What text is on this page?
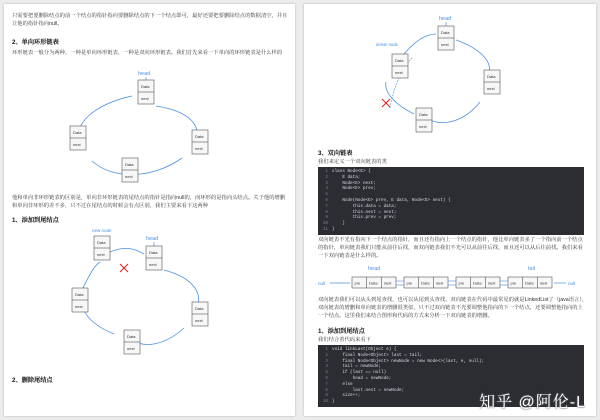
只需要把要删除结点的前一个结点的指针指向要删除结点的下一个结点即可，最好还要把要删除结点的数据清空，并且让他的指针指向null。
2、单向环形链表
环形链表一般分为两种，一种是单向环形链表，一种是双向环形链表。我们首先来看一下单向的环形链表是什么样的
head
Data
next
Data
next
Data
next
Data
next
他和单向非环形链表的区别是，单向非环形链表的尾结点的指针是指向null的，而环形的是指向头结点。关于他的增删和单向非环形的差不多，只不过在尾结点的时候会有点区别，我们主要来看下这两种
1、添加到尾结点
new node
head
Data
next	Data
next
Data
next
Data
next
Data
next
2、删除尾结点
head
delete node
Data
next
Data
next
Data
next
Data
next
3、双向链表
我们来定义一个双向链表的类
1 class Node<E> {
2 E data;
3 Node<E> next;
4 Node<E> prev;
5
6 Node(Node<E> prev, E data, Node<E> next) {
7 this.data = data;
8 this.next = next;
9 this.prev = prev;
10 }
11 }
双向链表不光有指向下一个结点的指针，而且还有指向上一个结点的指针，他比单向链表多了一个指向前一个结点的指针，单向链表我们只能从前往后找，而双向链表我们不光可以从前往后找，而且还可以从后往前找。我们来看一下双向链表是什么样的。
head	tail
null	null
pre Data next	pre Data next	pre Data next	pre Data next
双向链表我们可以从头到尾查找，也可以从尾到头查找，双向链表在代码中最常见的就是LinkedList了（java语言），双向链表的增删和单向链表的增删很类似，只不过双向链表不光要调整他指向的下一个结点，还要调整他指向的上一个结点。这里我们来结合图形和代码的方式来分析一下双向链表的增删。
1、添加到尾结点
我们结合着代码来看下
1 void linkLast(Object e) {
2 final Node<Object> last = tail;
3 final Node<Object> newNode = new Node<>(last, e, null);
4 tail = newNode;
5 if (last == null)
6 head = newNode;
7 else
8 last.next = newNode;
9 size++;
10 }	知乎 @阿伦-L
